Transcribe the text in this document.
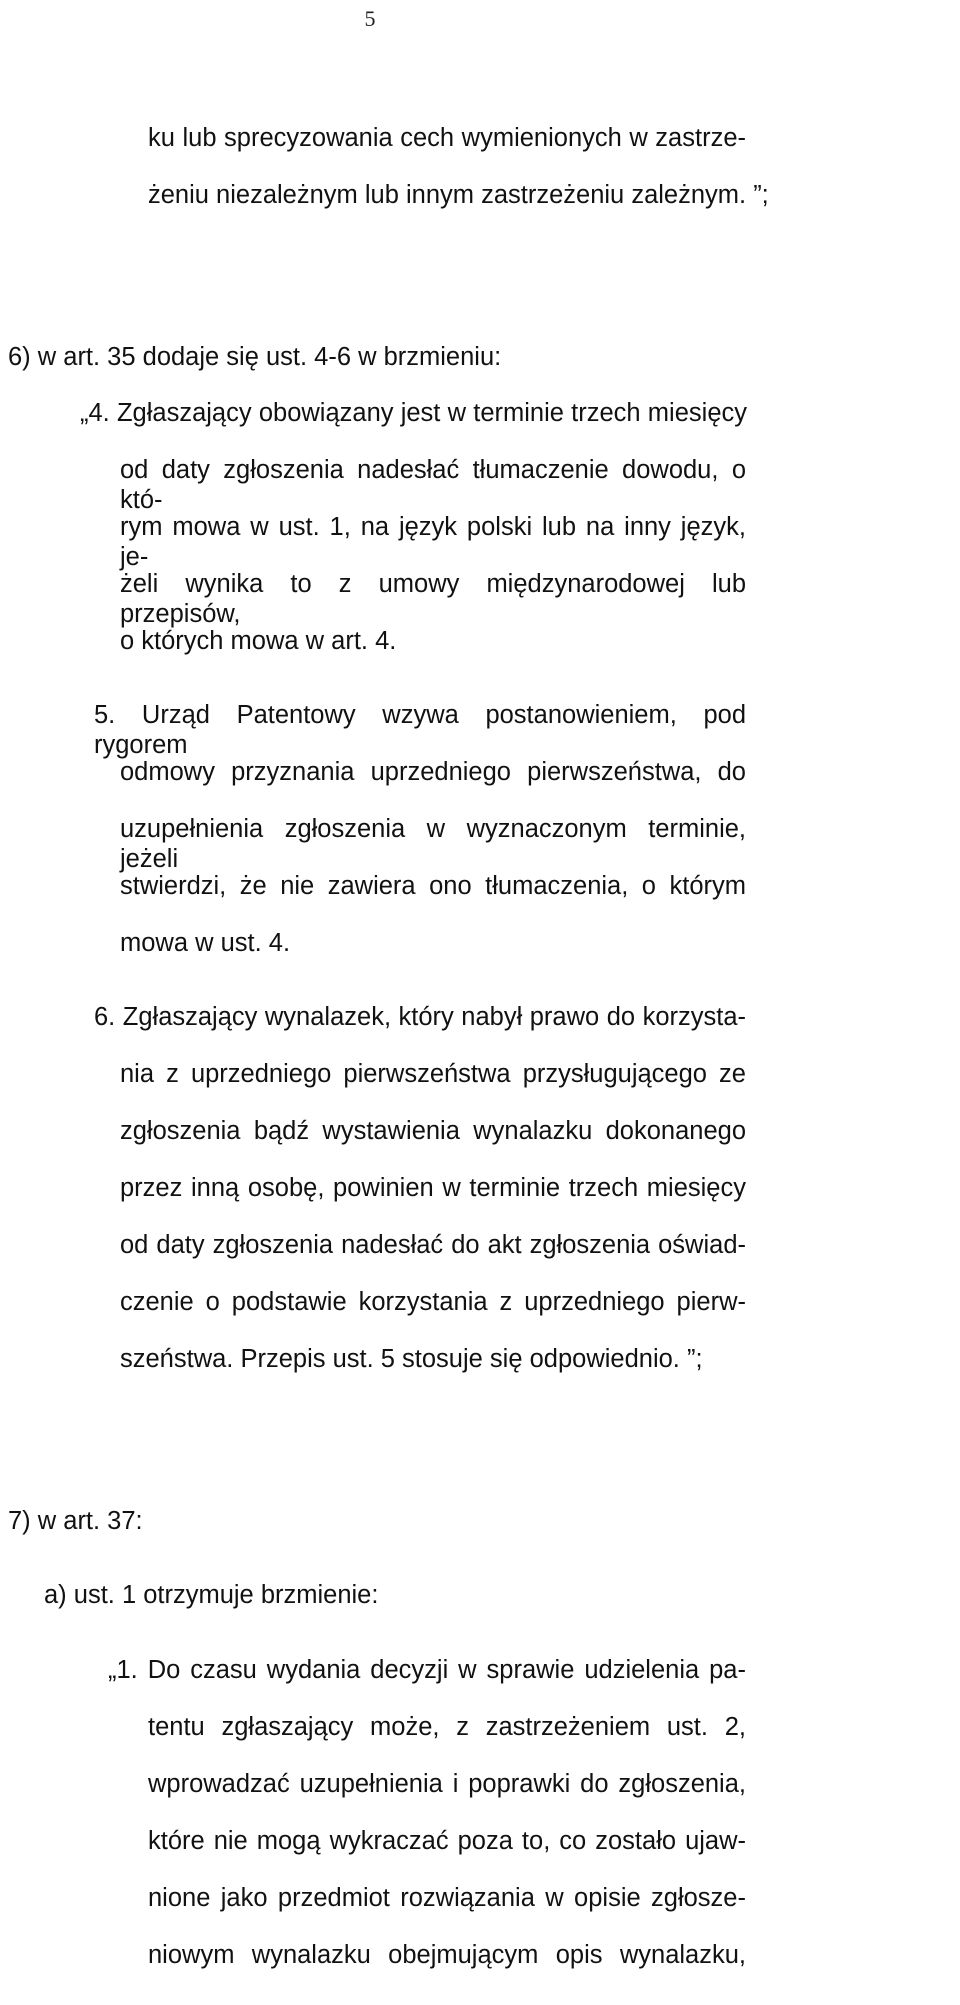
5
ku lub sprecyzowania cech wymienionych w zastrze-
żeniu niezależnym lub innym zastrzeżeniu zależnym. ”;
6) w art. 35 dodaje się ust. 4-6 w brzmieniu:
„4. Zgłaszający obowiązany jest w terminie trzech miesięcy
od daty zgłoszenia nadesłać tłumaczenie dowodu, o któ-
rym mowa w ust. 1, na język polski lub na inny język, je-
żeli wynika to z umowy międzynarodowej lub przepisów,
o których mowa w art. 4.
5. Urząd Patentowy wzywa postanowieniem, pod rygorem
odmowy przyznania uprzedniego pierwszeństwa, do
uzupełnienia zgłoszenia w wyznaczonym terminie, jeżeli
stwierdzi, że nie zawiera ono tłumaczenia, o którym
mowa w ust. 4.
6. Zgłaszający wynalazek, który nabył prawo do korzysta-
nia z uprzedniego pierwszeństwa przysługującego ze
zgłoszenia bądź wystawienia wynalazku dokonanego
przez inną osobę, powinien w terminie trzech miesięcy
od daty zgłoszenia nadesłać do akt zgłoszenia oświad-
czenie o podstawie korzystania z uprzedniego pierw-
szeństwa. Przepis ust. 5 stosuje się odpowiednio. ”;
7) w art. 37:
a) ust. 1 otrzymuje brzmienie:
„1. Do czasu wydania decyzji w sprawie udzielenia pa-
tentu zgłaszający może, z zastrzeżeniem ust. 2,
wprowadzać uzupełnienia i poprawki do zgłoszenia,
które nie mogą wykraczać poza to, co zostało ujaw-
nione jako przedmiot rozwiązania w opisie zgłosze-
niowym wynalazku obejmującym opis wynalazku,
